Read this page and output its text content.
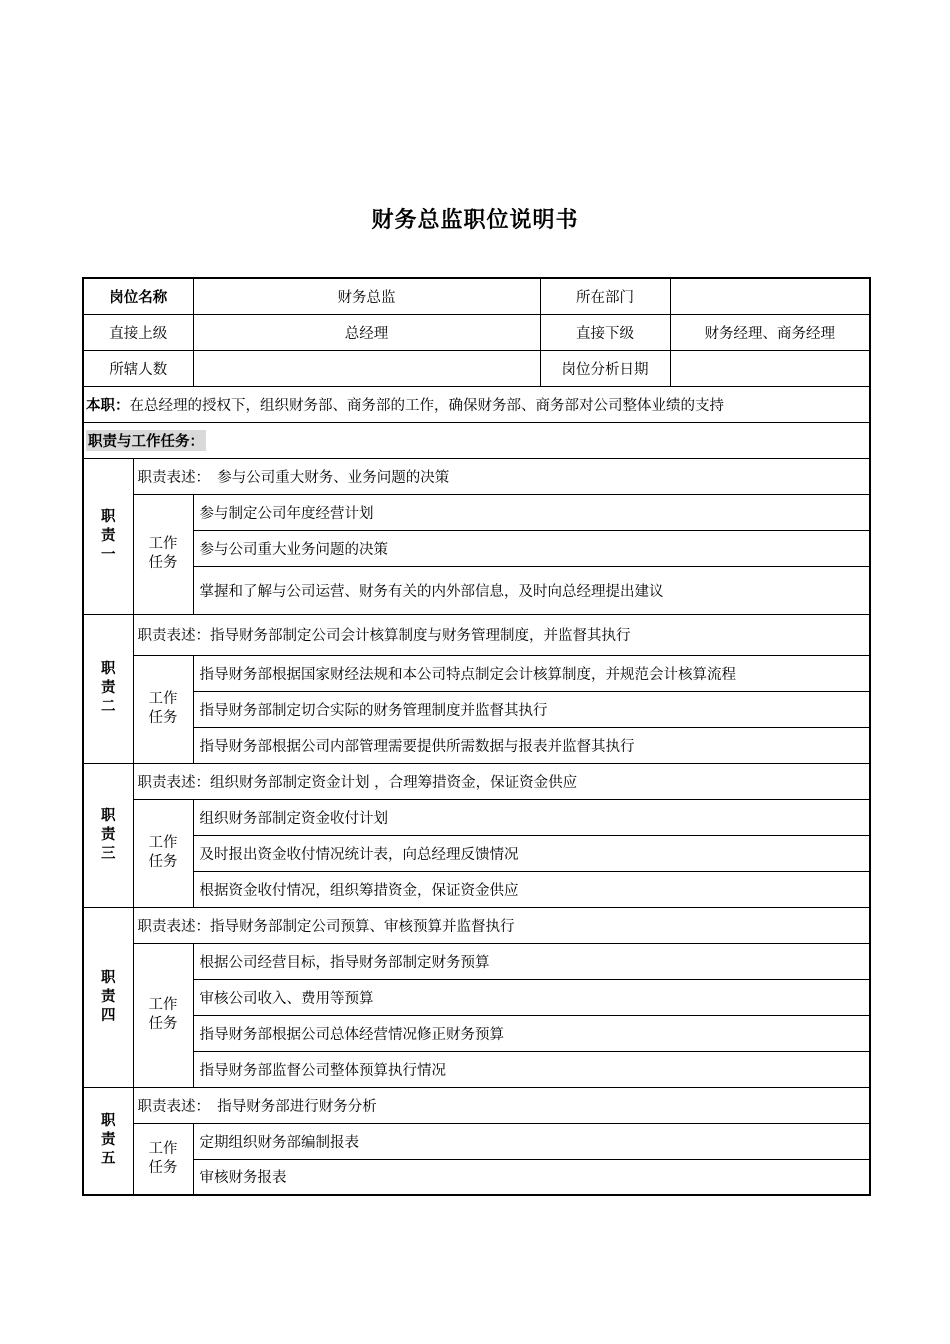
财务总监职位说明书
岗位名称		财务总监	所在部门	
直接上级		总经理	直接下级	财务经理、商务经理
所辖人数			岗位分析日期	
本职：在总经理的授权下，组织财务部、商务部的工作，确保财务部、商务部对公司整体业绩的支持				
职责与工作任务：				

职
责
一	职责表述：　参与公司重大财务、业务问题的决策			

	工作
任务	参与制定公司年度经营计划		
		参与公司重大业务问题的决策		
		掌握和了解与公司运营、财务有关的内外部信息，及时向总经理提出建议		

职
责
二	职责表述：指导财务部制定公司会计核算制度与财务管理制度，并监督其执行			

	工作
任务	指导财务部根据国家财经法规和本公司特点制定会计核算制度，并规范会计核算流程		
		指导财务部制定切合实际的财务管理制度并监督其执行		
		指导财务部根据公司内部管理需要提供所需数据与报表并监督其执行		

职
责
三	职责表述：组织财务部制定资金计划 ，合理筹措资金，保证资金供应			

	工作
任务	组织财务部制定资金收付计划		
		及时报出资金收付情况统计表，向总经理反馈情况		
		根据资金收付情况，组织筹措资金，保证资金供应		

职
责
四	职责表述：指导财务部制定公司预算、审核预算并监督执行			

	工作
任务	根据公司经营目标，指导财务部制定财务预算		
		审核公司收入、费用等预算		
		指导财务部根据公司总体经营情况修正财务预算		
		指导财务部监督公司整体预算执行情况		

职
责
五	职责表述：　指导财务部进行财务分析			

	工作
任务	定期组织财务部编制报表		
		审核财务报表		
